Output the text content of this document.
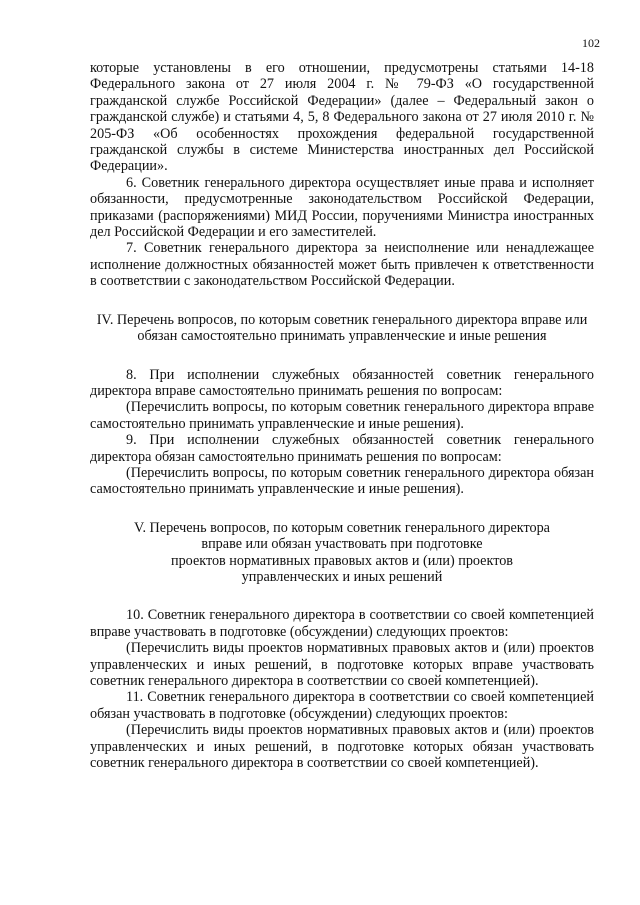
102

которые установлены в его отношении, предусмотрены статьями 14-18 Федерального закона от 27 июля 2004 г. № 79-ФЗ «О государственной гражданской службе Российской Федерации» (далее – Федеральный закон о гражданской службе) и статьями 4, 5, 8 Федерального закона от 27 июля 2010 г. № 205-ФЗ «Об особенностях прохождения федеральной государственной гражданской службы в системе Министерства иностранных дел Российской Федерации».

6. Советник генерального директора осуществляет иные права и исполняет обязанности, предусмотренные законодательством Российской Федерации, приказами (распоряжениями) МИД России, поручениями Министра иностранных дел Российской Федерации и его заместителей.

7. Советник генерального директора за неисполнение или ненадлежащее исполнение должностных обязанностей может быть привлечен к ответственности в соответствии с законодательством Российской Федерации.

IV. Перечень вопросов, по которым советник генерального директора вправе или обязан самостоятельно принимать управленческие и иные решения

8. При исполнении служебных обязанностей советник генерального директора вправе самостоятельно принимать решения по вопросам:

(Перечислить вопросы, по которым советник генерального директора вправе самостоятельно принимать управленческие и иные решения).

9. При исполнении служебных обязанностей советник генерального директора обязан самостоятельно принимать решения по вопросам:

(Перечислить вопросы, по которым советник генерального директора обязан самостоятельно принимать управленческие и иные решения).

V. Перечень вопросов, по которым советник генерального директора
вправе или обязан участвовать при подготовке
проектов нормативных правовых актов и (или) проектов
управленческих и иных решений

10. Советник генерального директора в соответствии со своей компетенцией вправе участвовать в подготовке (обсуждении) следующих проектов:

(Перечислить виды проектов нормативных правовых актов и (или) проектов управленческих и иных решений, в подготовке которых вправе участвовать советник генерального директора в соответствии со своей компетенцией).

11. Советник генерального директора в соответствии со своей компетенцией обязан участвовать в подготовке (обсуждении) следующих проектов:

(Перечислить виды проектов нормативных правовых актов и (или) проектов управленческих и иных решений, в подготовке которых обязан участвовать советник генерального директора в соответствии со своей компетенцией).
